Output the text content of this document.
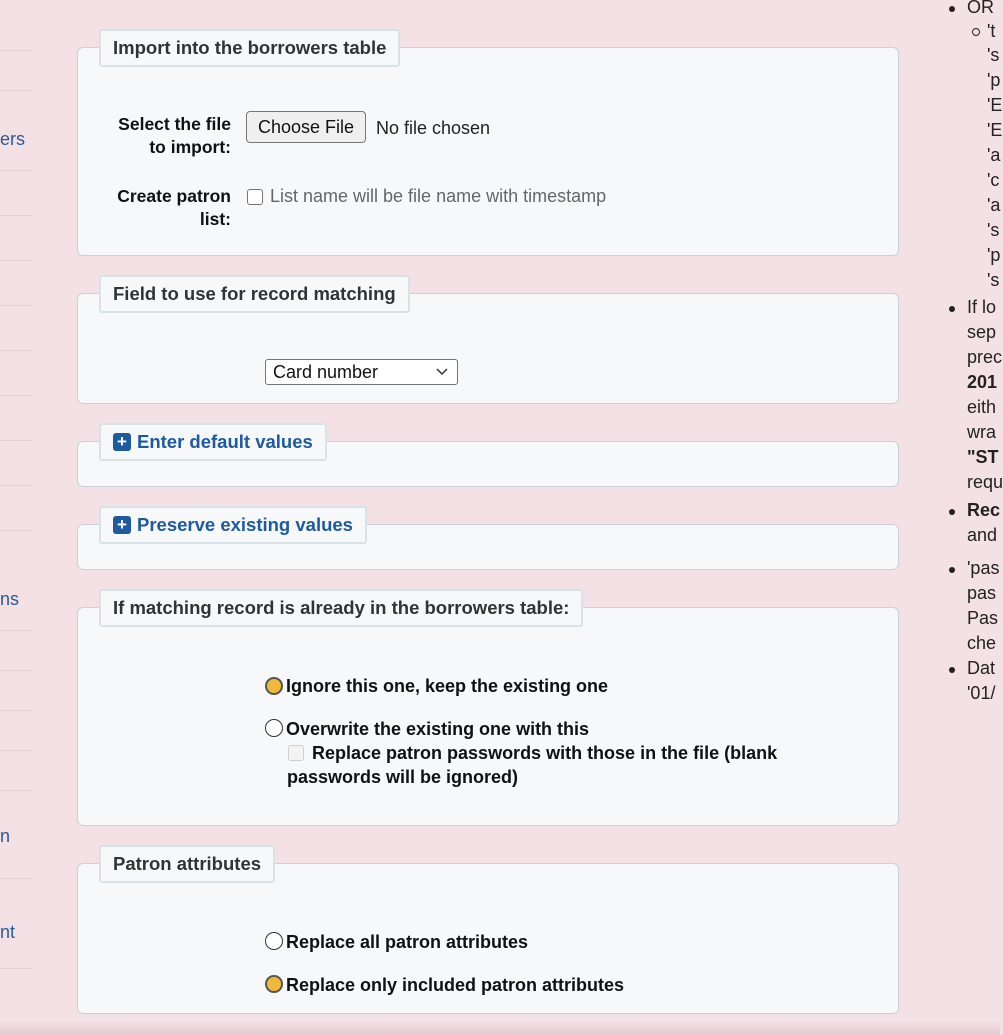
ers
ns
n
nt
Import into the borrowers table
Select the file to import:
Choose File	No file chosen
Create patron list:
List name will be file name with timestamp
Field to use for record matching
Card number
+ Enter default values
+ Preserve existing values
If matching record is already in the borrowers table:
Ignore this one, keep the existing one
Overwrite the existing one with this
Replace patron passwords with those in the file (blank
passwords will be ignored)
Patron attributes
Replace all patron attributes
Replace only included patron attributes
OR
't
's
'p
'E
'E
'a
'c
'a
's
'p
's
If lo
sep
prec
201
eith
wra
"ST
requ
Rec
and
'pas
pas
Pas
che
Dat
'01/
